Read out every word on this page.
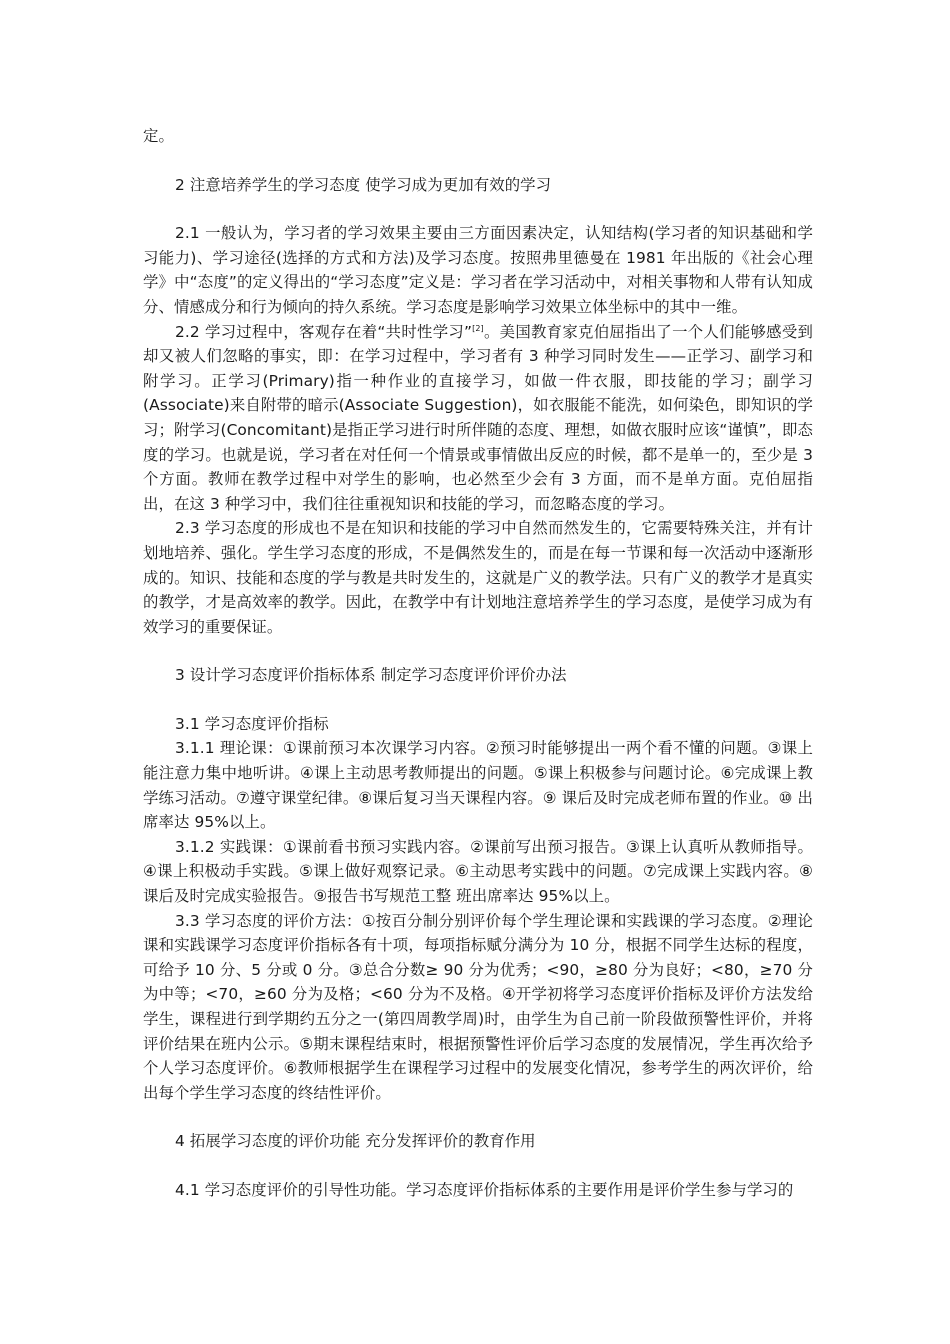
定。

2 注意培养学生的学习态度 使学习成为更加有效的学习

2.1 一般认为，学习者的学习效果主要由三方面因素决定，认知结构(学习者的知识基础和学习能力)、学习途径(选择的方式和方法)及学习态度。按照弗里德曼在 1981 年出版的《社会心理学》中“态度”的定义得出的“学习态度”定义是：学习者在学习活动中，对相关事物和人带有认知成分、情感成分和行为倾向的持久系统。学习态度是影响学习效果立体坐标中的其中一维。

2.2 学习过程中，客观存在着“共时性学习”[2]。美国教育家克伯屈指出了一个人们能够感受到却又被人们忽略的事实，即：在学习过程中，学习者有 3 种学习同时发生——正学习、副学习和附学习。正学习(Primary)指一种作业的直接学习，如做一件衣服，即技能的学习；副学习(Associate)来自附带的暗示(Associate Suggestion)，如衣服能不能洗，如何染色，即知识的学习；附学习(Concomitant)是指正学习进行时所伴随的态度、理想，如做衣服时应该“谨慎”，即态度的学习。也就是说，学习者在对任何一个情景或事情做出反应的时候，都不是单一的，至少是 3 个方面。教师在教学过程中对学生的影响，也必然至少会有 3 方面，而不是单方面。克伯屈指出，在这 3 种学习中，我们往往重视知识和技能的学习，而忽略态度的学习。

2.3 学习态度的形成也不是在知识和技能的学习中自然而然发生的，它需要特殊关注，并有计划地培养、强化。学生学习态度的形成，不是偶然发生的，而是在每一节课和每一次活动中逐渐形成的。知识、技能和态度的学与教是共时发生的，这就是广义的教学法。只有广义的教学才是真实的教学，才是高效率的教学。因此，在教学中有计划地注意培养学生的学习态度，是使学习成为有效学习的重要保证。

3 设计学习态度评价指标体系 制定学习态度评价评价办法

3.1 学习态度评价指标

3.1.1 理论课：①课前预习本次课学习内容。②预习时能够提出一两个看不懂的问题。③课上能注意力集中地听讲。④课上主动思考教师提出的问题。⑤课上积极参与问题讨论。⑥完成课上教学练习活动。⑦遵守课堂纪律。⑧课后复习当天课程内容。⑨ 课后及时完成老师布置的作业。⑩ 出席率达 95%以上。

3.1.2 实践课：①课前看书预习实践内容。②课前写出预习报告。③课上认真听从教师指导。④课上积极动手实践。⑤课上做好观察记录。⑥主动思考实践中的问题。⑦完成课上实践内容。⑧课后及时完成实验报告。⑨报告书写规范工整 班出席率达 95%以上。

3.3 学习态度的评价方法：①按百分制分别评价每个学生理论课和实践课的学习态度。②理论课和实践课学习态度评价指标各有十项，每项指标赋分满分为 10 分，根据不同学生达标的程度，可给予 10 分、5 分或 0 分。③总合分数≥ 90 分为优秀；<90，≥80 分为良好；<80，≥70 分为中等；<70，≥60 分为及格；<60 分为不及格。④开学初将学习态度评价指标及评价方法发给学生，课程进行到学期约五分之一(第四周教学周)时，由学生为自己前一阶段做预警性评价，并将评价结果在班内公示。⑤期末课程结束时，根据预警性评价后学习态度的发展情况，学生再次给予个人学习态度评价。⑥教师根据学生在课程学习过程中的发展变化情况，参考学生的两次评价，给出每个学生学习态度的终结性评价。

4 拓展学习态度的评价功能 充分发挥评价的教育作用

4.1 学习态度评价的引导性功能。学习态度评价指标体系的主要作用是评价学生参与学习的
